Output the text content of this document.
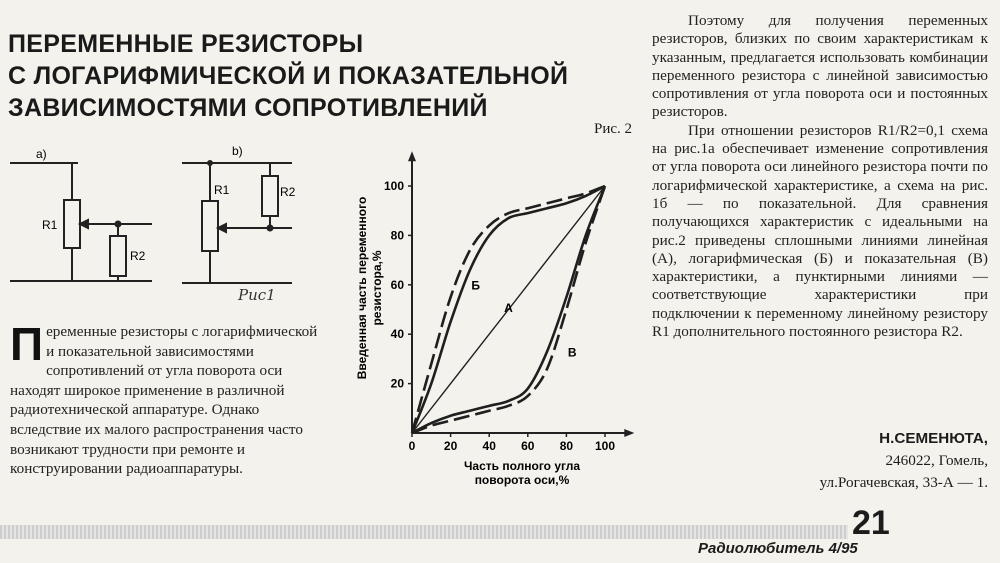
ПЕРЕМЕННЫЕ РЕЗИСТОРЫ
С ЛОГАРИФМИЧЕСКОЙ И ПОКАЗАТЕЛЬНОЙ
ЗАВИСИМОСТЯМИ СОПРОТИВЛЕНИЙ
a)
R1
R2
b)
R1	R2
Рис1
Рис. 2
0 20 40 60 80 100
20
40
60
80
100
А
Б
В
Часть полного угла
поворота оси,%
Введенная часть переменного резистора,%

Переменные резисторы с логарифмической и показательной зависимостями сопротивлений от угла поворота оси находят широкое применение в различной радиотехнической аппаратуре. Однако вследствие их малого распространения часто возникают трудности при ремонте и конструировании радиоаппаратуры.

Поэтому для получения переменных резисторов, близких по своим характеристикам к указанным, предлагается использовать комбинации переменного резистора с линейной зависимостью сопротивления от угла поворота оси и постоянных резисторов.

При отношении резисторов R1/R2=0,1 схема на рис.1а обеспечивает изменение сопротивления от угла поворота оси линейного резистора почти по логарифмической характеристике, а схема на рис. 1б — по показательной. Для сравнения получающихся характеристик с идеальными на рис.2 приведены сплошными линиями линейная (А), логарифмическая (Б) и показательная (В) характеристики, а пунктирными линиями — соответствующие характеристики при подключении к переменному линейному резистору R1 дополнительного постоянного резистора R2.

Н.СЕМЕНЮТА,
246022, Гомель,
ул.Рогачевская, 33-А — 1.
21
Радиолюбитель 4/95
